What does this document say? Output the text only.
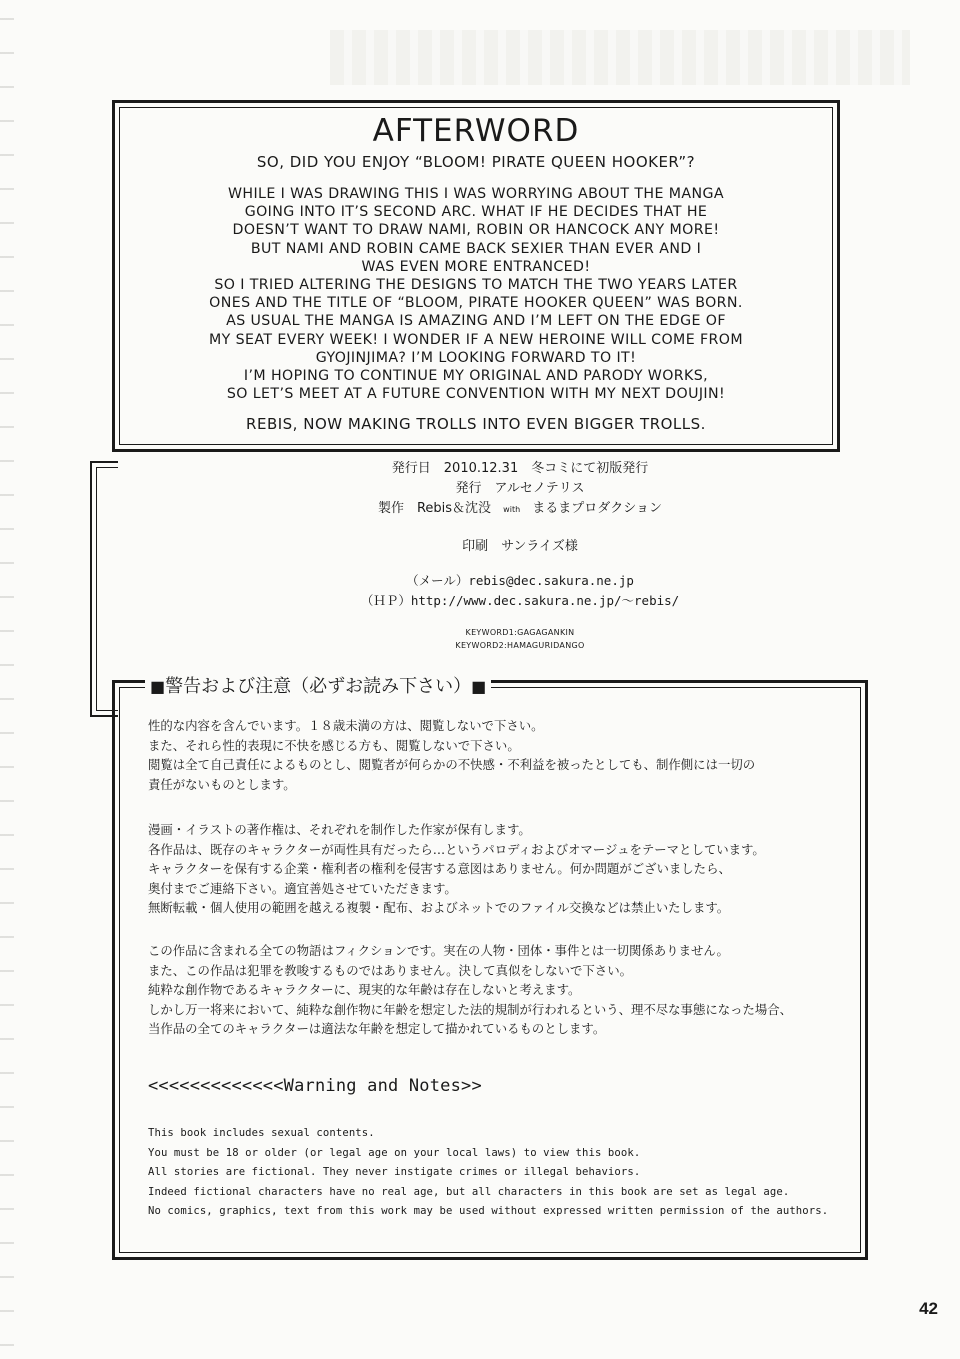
AFTERWORD
SO, DID YOU ENJOY “BLOOM! PIRATE QUEEN HOOKER”?
WHILE I WAS DRAWING THIS I WAS WORRYING ABOUT THE MANGA
GOING INTO IT’S SECOND ARC. WHAT IF HE DECIDES THAT HE
DOESN’T WANT TO DRAW NAMI, ROBIN OR HANCOCK ANY MORE!
BUT NAMI AND ROBIN CAME BACK SEXIER THAN EVER AND I
WAS EVEN MORE ENTRANCED!
SO I TRIED ALTERING THE DESIGNS TO MATCH THE TWO YEARS LATER
ONES AND THE TITLE OF “BLOOM, PIRATE HOOKER QUEEN” WAS BORN.
AS USUAL THE MANGA IS AMAZING AND I’M LEFT ON THE EDGE OF
MY SEAT EVERY WEEK! I WONDER IF A NEW HEROINE WILL COME FROM
GYOJINJIMA? I’M LOOKING FORWARD TO IT!
I’M HOPING TO CONTINUE MY ORIGINAL AND PARODY WORKS,
SO LET’S MEET AT A FUTURE CONVENTION WITH MY NEXT DOUJIN!
REBIS, NOW MAKING TROLLS INTO EVEN BIGGER TROLLS.
発行日　2010.12.31　冬コミにて初版発行
発行　アルセノテリス
製作　Rebis＆沈没 with まるまプロダクション
印刷　サンライズ様
（メール）rebis@dec.sakura.ne.jp
（ＨＰ）http://www.dec.sakura.ne.jp/～rebis/
KEYWORD1:GAGAGANKIN
KEYWORD2:HAMAGURIDANGO
■警告および注意（必ずお読み下さい）■
性的な内容を含んでいます。１８歳未満の方は、閲覧しないで下さい。
また、それら性的表現に不快を感じる方も、閲覧しないで下さい。
閲覧は全て自己責任によるものとし、閲覧者が何らかの不快感・不利益を被ったとしても、制作側には一切の
責任がないものとします。
漫画・イラストの著作権は、それぞれを制作した作家が保有します。
各作品は、既存のキャラクターが両性具有だったら…というパロディおよびオマージュをテーマとしています。
キャラクターを保有する企業・権利者の権利を侵害する意図はありません。何か問題がございましたら、
奥付までご連絡下さい。適宜善処させていただきます。
無断転載・個人使用の範囲を越える複製・配布、およびネットでのファイル交換などは禁止いたします。
この作品に含まれる全ての物語はフィクションです。実在の人物・団体・事件とは一切関係ありません。
また、この作品は犯罪を教唆するものではありません。決して真似をしないで下さい。
純粋な創作物であるキャラクターに、現実的な年齢は存在しないと考えます。
しかし万一将来において、純粋な創作物に年齢を想定した法的規制が行われるという、理不尽な事態になった場合、
当作品の全てのキャラクターは適法な年齢を想定して描かれているものとします。
<<<<<<<<<<<<<Warning and Notes>>
This book includes sexual contents.
You must be 18 or older (or legal age on your local laws) to view this book.
All stories are fictional. They never instigate crimes or illegal behaviors.
Indeed fictional characters have no real age, but all characters in this book are set as legal age.
No comics, graphics, text from this work may be used without expressed written permission of the authors.
42
